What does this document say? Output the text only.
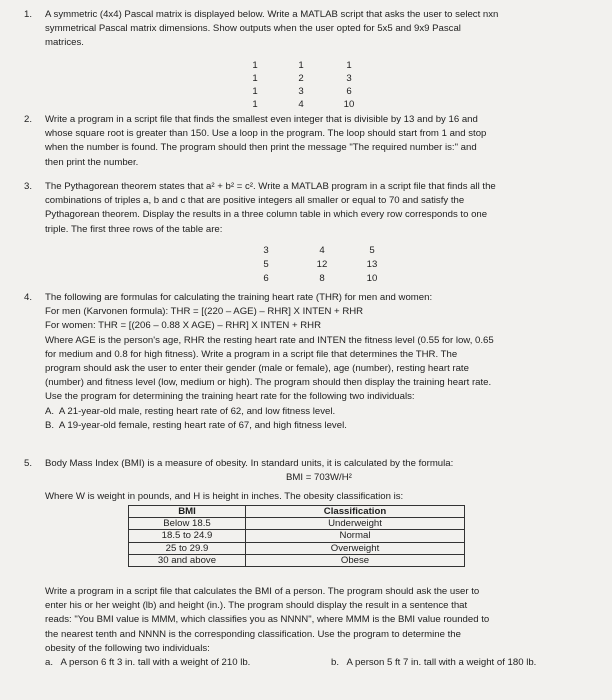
1. A symmetric (4x4) Pascal matrix is displayed below. Write a MATLAB script that asks the user to select nxn
symmetrical Pascal matrix dimensions. Show outputs when the user opted for 5x5 and 9x9 Pascal
matrices.
1	1	1
1	2	3
1	3	6
1	4	10
2. Write a program in a script file that finds the smallest even integer that is divisible by 13 and by 16 and
whose square root is greater than 150. Use a loop in the program. The loop should start from 1 and stop
when the number is found. The program should then print the message "The required number is:" and
then print the number.
3. The Pythagorean theorem states that a² + b² = c². Write a MATLAB program in a script file that finds all the
combinations of triples a, b and c that are positive integers all smaller or equal to 70 and satisfy the
Pythagorean theorem. Display the results in a three column table in which every row corresponds to one
triple. The first three rows of the table are:
3	4	5
5	12	13
6	8	10
4. The following are formulas for calculating the training heart rate (THR) for men and women:
For men (Karvonen formula): THR = [(220 – AGE) – RHR] X INTEN + RHR
For women: THR = [(206 – 0.88 X AGE) – RHR] X INTEN + RHR
Where AGE is the person's age, RHR the resting heart rate and INTEN the fitness level (0.55 for low, 0.65
for medium and 0.8 for high fitness). Write a program in a script file that determines the THR. The
program should ask the user to enter their gender (male or female), age (number), resting heart rate
(number) and fitness level (low, medium or high). The program should then display the training heart rate.
Use the program for determining the training heart rate for the following two individuals:
A. A 21-year-old male, resting heart rate of 62, and low fitness level.
B. A 19-year-old female, resting heart rate of 67, and high fitness level.
5. Body Mass Index (BMI) is a measure of obesity. In standard units, it is calculated by the formula:
BMI = 703W/H²
Where W is weight in pounds, and H is height in inches. The obesity classification is:
BMI	Classification
Below 18.5	Underweight
18.5 to 24.9	Normal
25 to 29.9	Overweight
30 and above	Obese
Write a program in a script file that calculates the BMI of a person. The program should ask the user to
enter his or her weight (lb) and height (in.). The program should display the result in a sentence that
reads: "You BMI value is MMM, which classifies you as NNNN", where MMM is the BMI value rounded to
the nearest tenth and NNNN is the corresponding classification. Use the program to determine the
obesity of the following two individuals:
a. A person 6 ft 3 in. tall with a weight of 210 lb.	b. A person 5 ft 7 in. tall with a weight of 180 lb.
